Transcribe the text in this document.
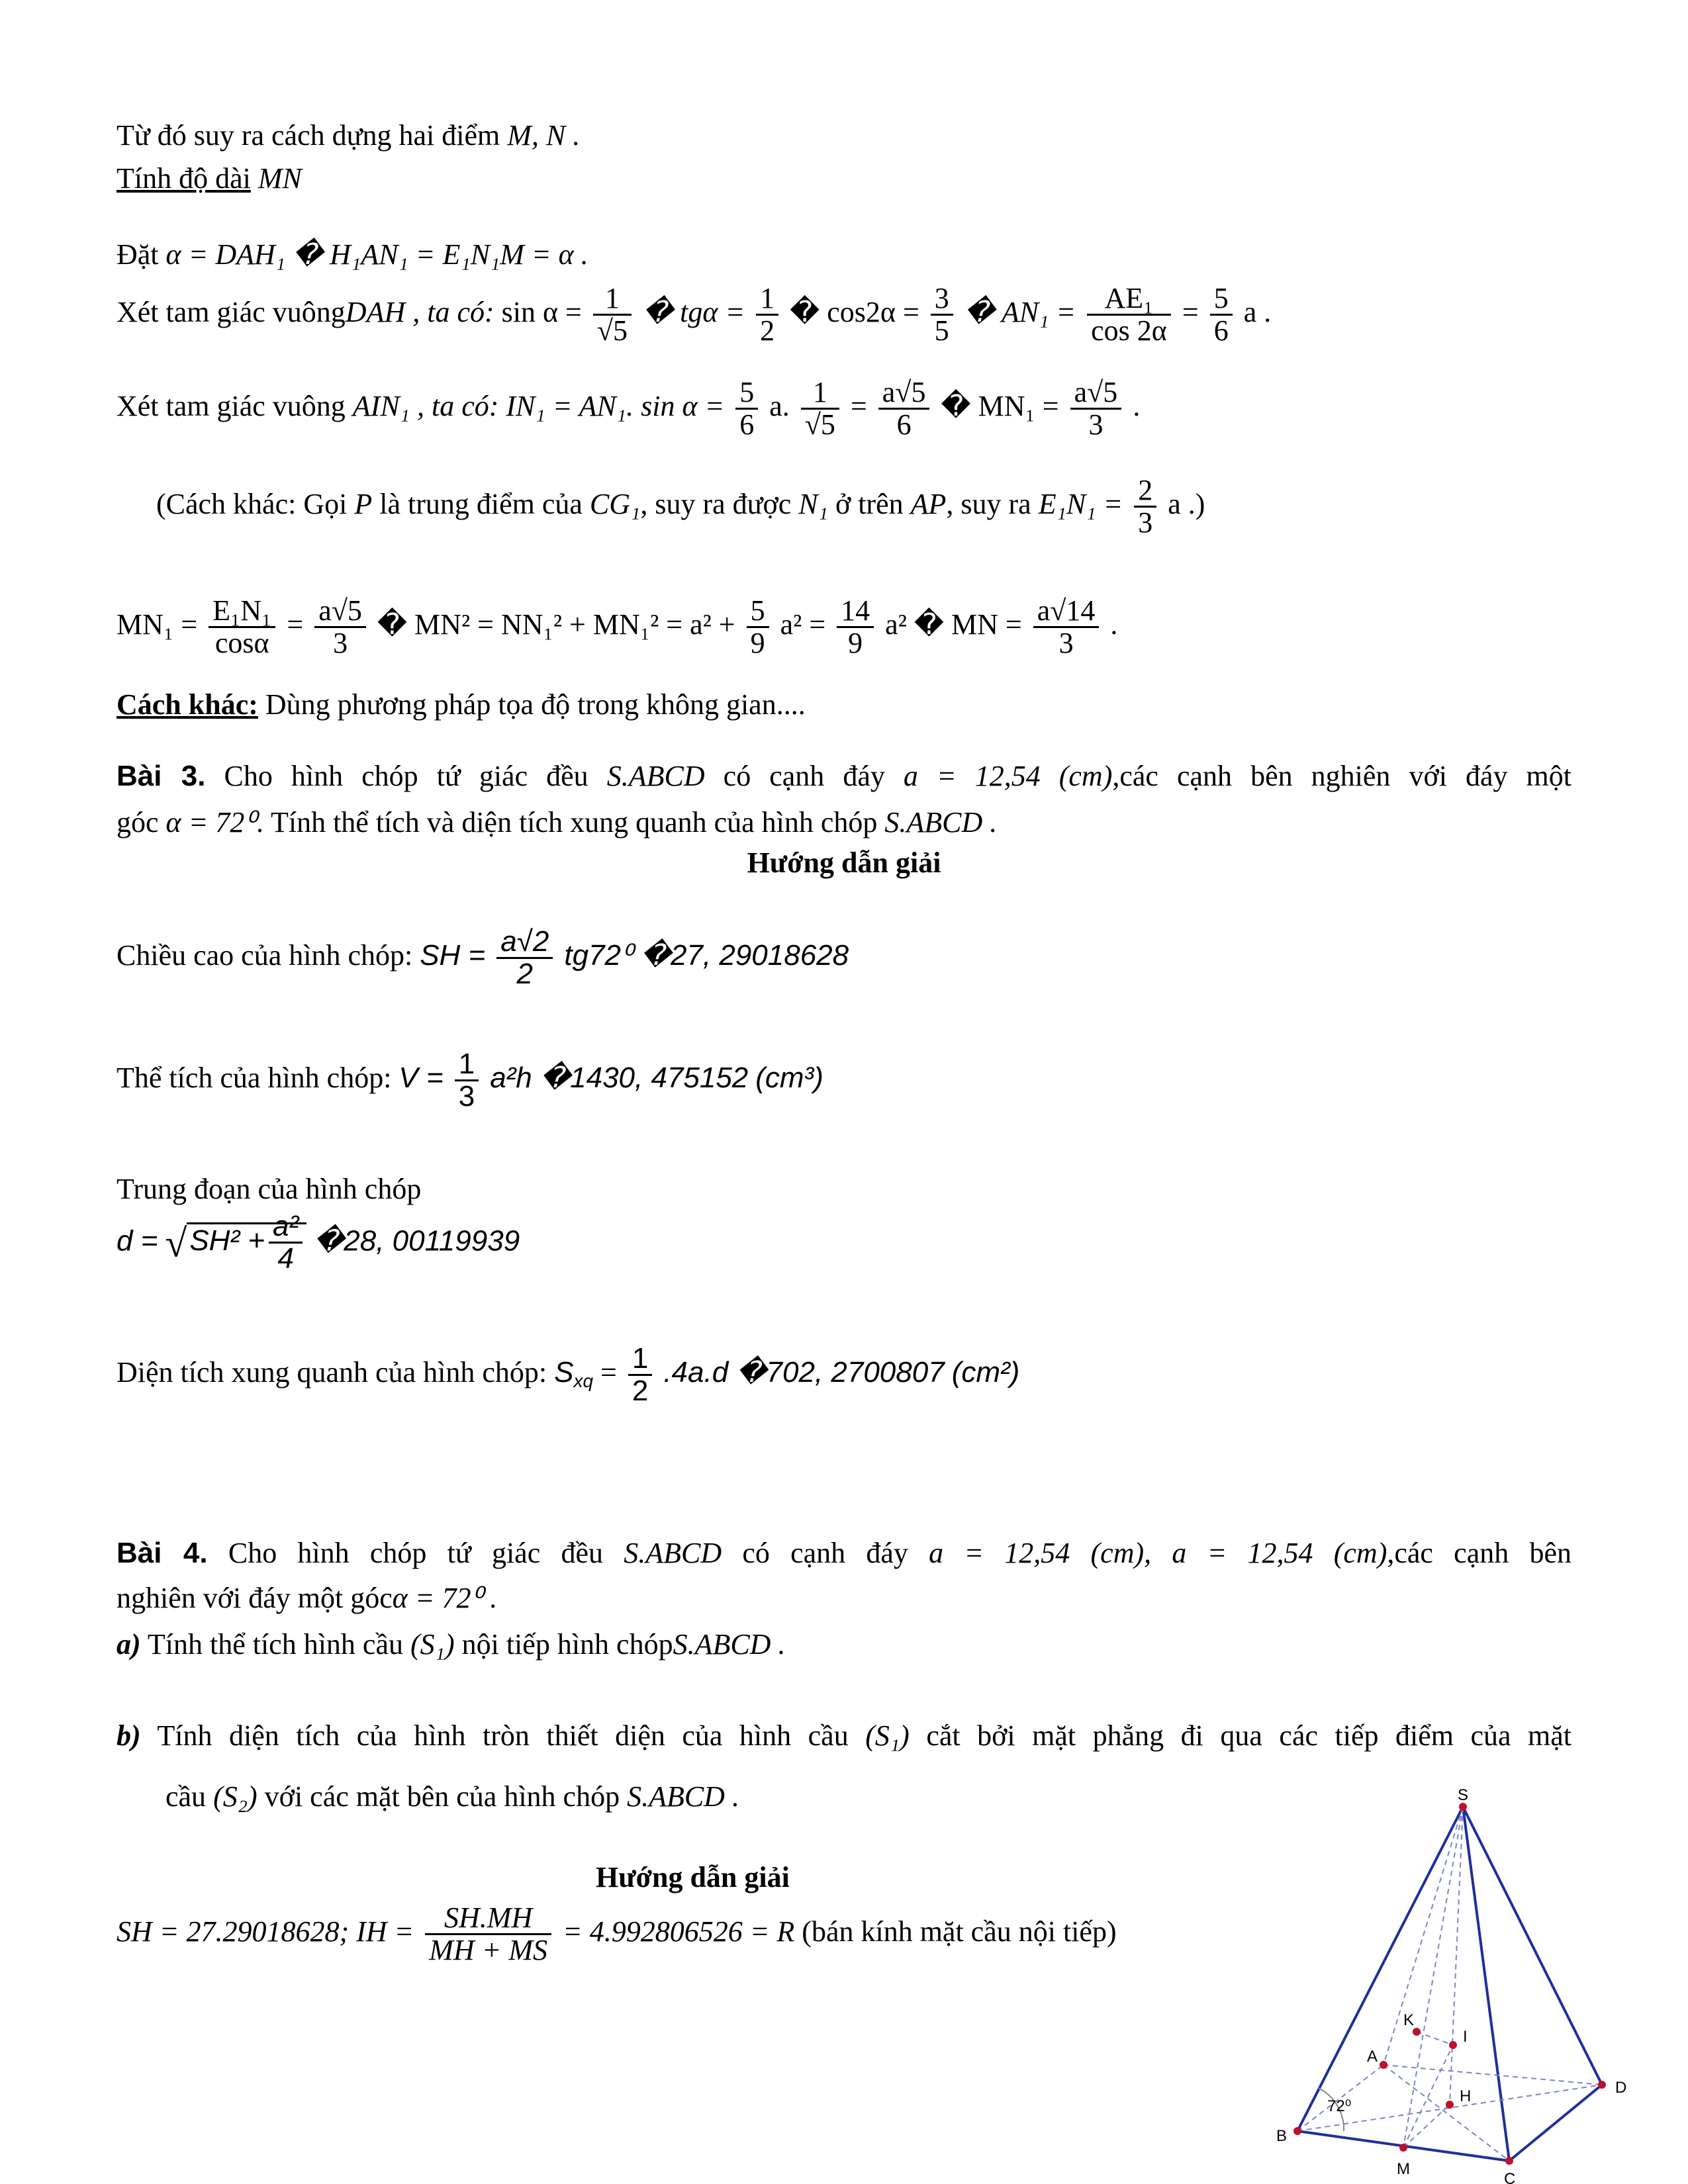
Từ đó suy ra cách dựng hai điểm M, N .
Tính độ dài MN
Đặt α = DAH₁ � H₁AN₁ = E₁N₁M = α .
Xét tam giác vuôngDAH , ta có: $\sin \alpha = \frac{1}{√5}$ � $tg\alpha = \frac{1}{2}$ � $\cos 2\alpha = \frac{3}{5}$ � $AN_1 = \frac{\text{AE₁}}{\cos 2\alpha} = \frac{5}{6}$ a .
Xét tam giác vuông AIN₁ , ta có: IN₁ = AN₁. $\sin \alpha = \frac{5}{6} a$. $\frac{1}{√5} = \frac{a√5}{6}$ � $MN_1 = \frac{a√5}{3}$ .
(Cách khác: Gọi P là trung điểm của CG₁, suy ra được N₁ ở trên AP, suy ra $E_1N_1 = \frac{2}{3}$ a .)
$MN_1 = \frac{\text{E₁N₁}}{\cos\alpha} = \frac{a√5}{3}$ � $MN^2 = NN_1^2 + MN_1^2 = a^2 + \frac{5}{9} a^2 = \frac{14}{9} a^2$ � MN = $\frac{a√14}{3}$ .
Cách khác: Dùng phương pháp tọa độ trong không gian....
Bài 3. Cho hình chóp tứ giác đều S.ABCD có cạnh đáy a = 12,54 (cm),các cạnh bên nghiên với đáy một
góc α = 72⁰. Tính thể tích và diện tích xung quanh của hình chóp S.ABCD .
Hướng dẫn giải
Chiều cao của hình chóp: SH = $\frac{a√2}{2} tg72^0$ �27, 29018628
Thể tích của hình chóp: $V = \frac{1}{3} a^2h$ �1430, 475152 (cm³)
Trung đoạn của hình chóp
$d = √SH^2 + \frac{\text{a²}}{4}$ �28, 00119939
Diện tích xung quanh của hình chóp: $S_{xq} = \frac{1}{2} .4a.d$ �702, 2700807 (cm²)
Bài 4. Cho hình chóp tứ giác đều S.ABCD có cạnh đáy a = 12,54 (cm), a = 12,54 (cm),các cạnh bên
nghiên với đáy một gócα = 72⁰ .
a) Tính thể tích hình cầu (S₁) nội tiếp hình chópS.ABCD .
b) Tính diện tích của hình tròn thiết diện của hình cầu (S₁) cắt bởi mặt phẳng đi qua các tiếp điểm của mặt
cầu (S₂) với các mặt bên của hình chóp S.ABCD .
Hướng dẫn giải
SH = 27.29018628; IH = $\frac{SH.MH}{MH + MS} = 4.992806526 = R$ (bán kính mặt cầu nội tiếp)
S
A
B
C
D
K
I
H
M
72⁰
